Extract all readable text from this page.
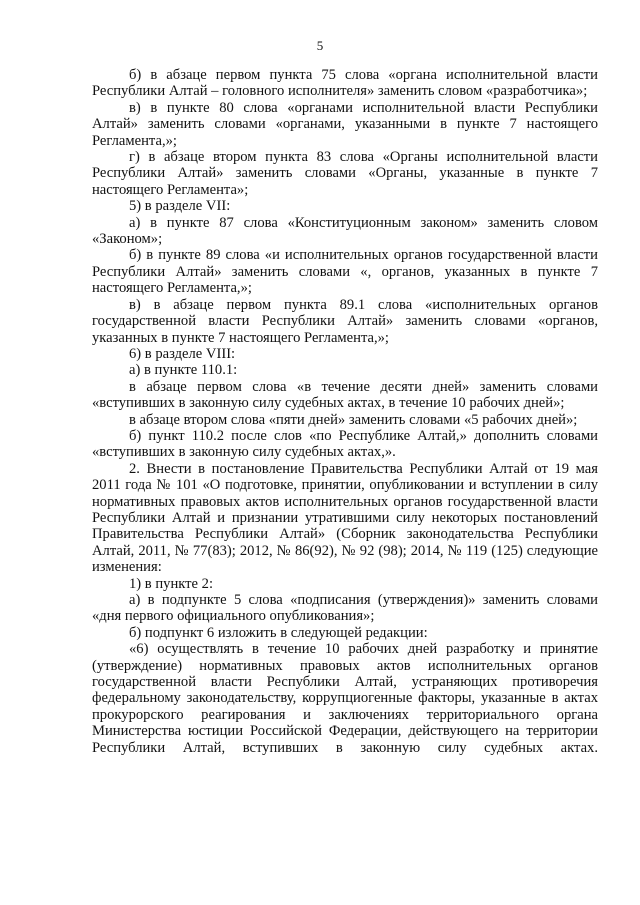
5

б) в абзаце первом пункта 75 слова «органа исполнительной власти Республики Алтай – головного исполнителя» заменить словом «разработчика»;

в) в пункте 80 слова «органами исполнительной власти Республики Алтай» заменить словами «органами, указанными в пункте 7 настоящего Регламента,»;

г) в абзаце втором пункта 83 слова «Органы исполнительной власти Республики Алтай» заменить словами «Органы, указанные в пункте 7 настоящего Регламента»;

5) в разделе VII:

а) в пункте 87 слова «Конституционным законом» заменить словом «Законом»;

б) в пункте 89 слова «и исполнительных органов государственной власти Республики Алтай» заменить словами «, органов, указанных в пункте 7 настоящего Регламента,»;

в) в абзаце первом пункта 89.1 слова «исполнительных органов государственной власти Республики Алтай» заменить словами «органов, указанных в пункте 7 настоящего Регламента,»;

6) в разделе VIII:

а) в пункте 110.1:

в абзаце первом слова «в течение десяти дней» заменить словами «вступивших в законную силу судебных актах, в течение 10 рабочих дней»;

в абзаце втором слова «пяти дней» заменить словами «5 рабочих дней»;

б) пункт 110.2 после слов «по Республике Алтай,» дополнить словами «вступивших в законную силу судебных актах,».

2. Внести в постановление Правительства Республики Алтай от 19 мая 2011 года № 101 «О подготовке, принятии, опубликовании и вступлении в силу нормативных правовых актов исполнительных органов государственной власти Республики Алтай и признании утратившими силу некоторых постановлений Правительства Республики Алтай» (Сборник законодательства Республики Алтай, 2011, № 77(83); 2012, № 86(92), № 92 (98); 2014, № 119 (125) следующие изменения:

1) в пункте 2:

а) в подпункте 5 слова «подписания (утверждения)» заменить словами «дня первого официального опубликования»;

б) подпункт 6 изложить в следующей редакции:

«6) осуществлять в течение 10 рабочих дней разработку и принятие (утверждение) нормативных правовых актов исполнительных органов государственной власти Республики Алтай, устраняющих противоречия федеральному законодательству, коррупциогенные факторы, указанные в актах прокурорского реагирования и заключениях территориального органа Министерства юстиции Российской Федерации, действующего на территории Республики Алтай, вступивших в законную силу судебных актах.
